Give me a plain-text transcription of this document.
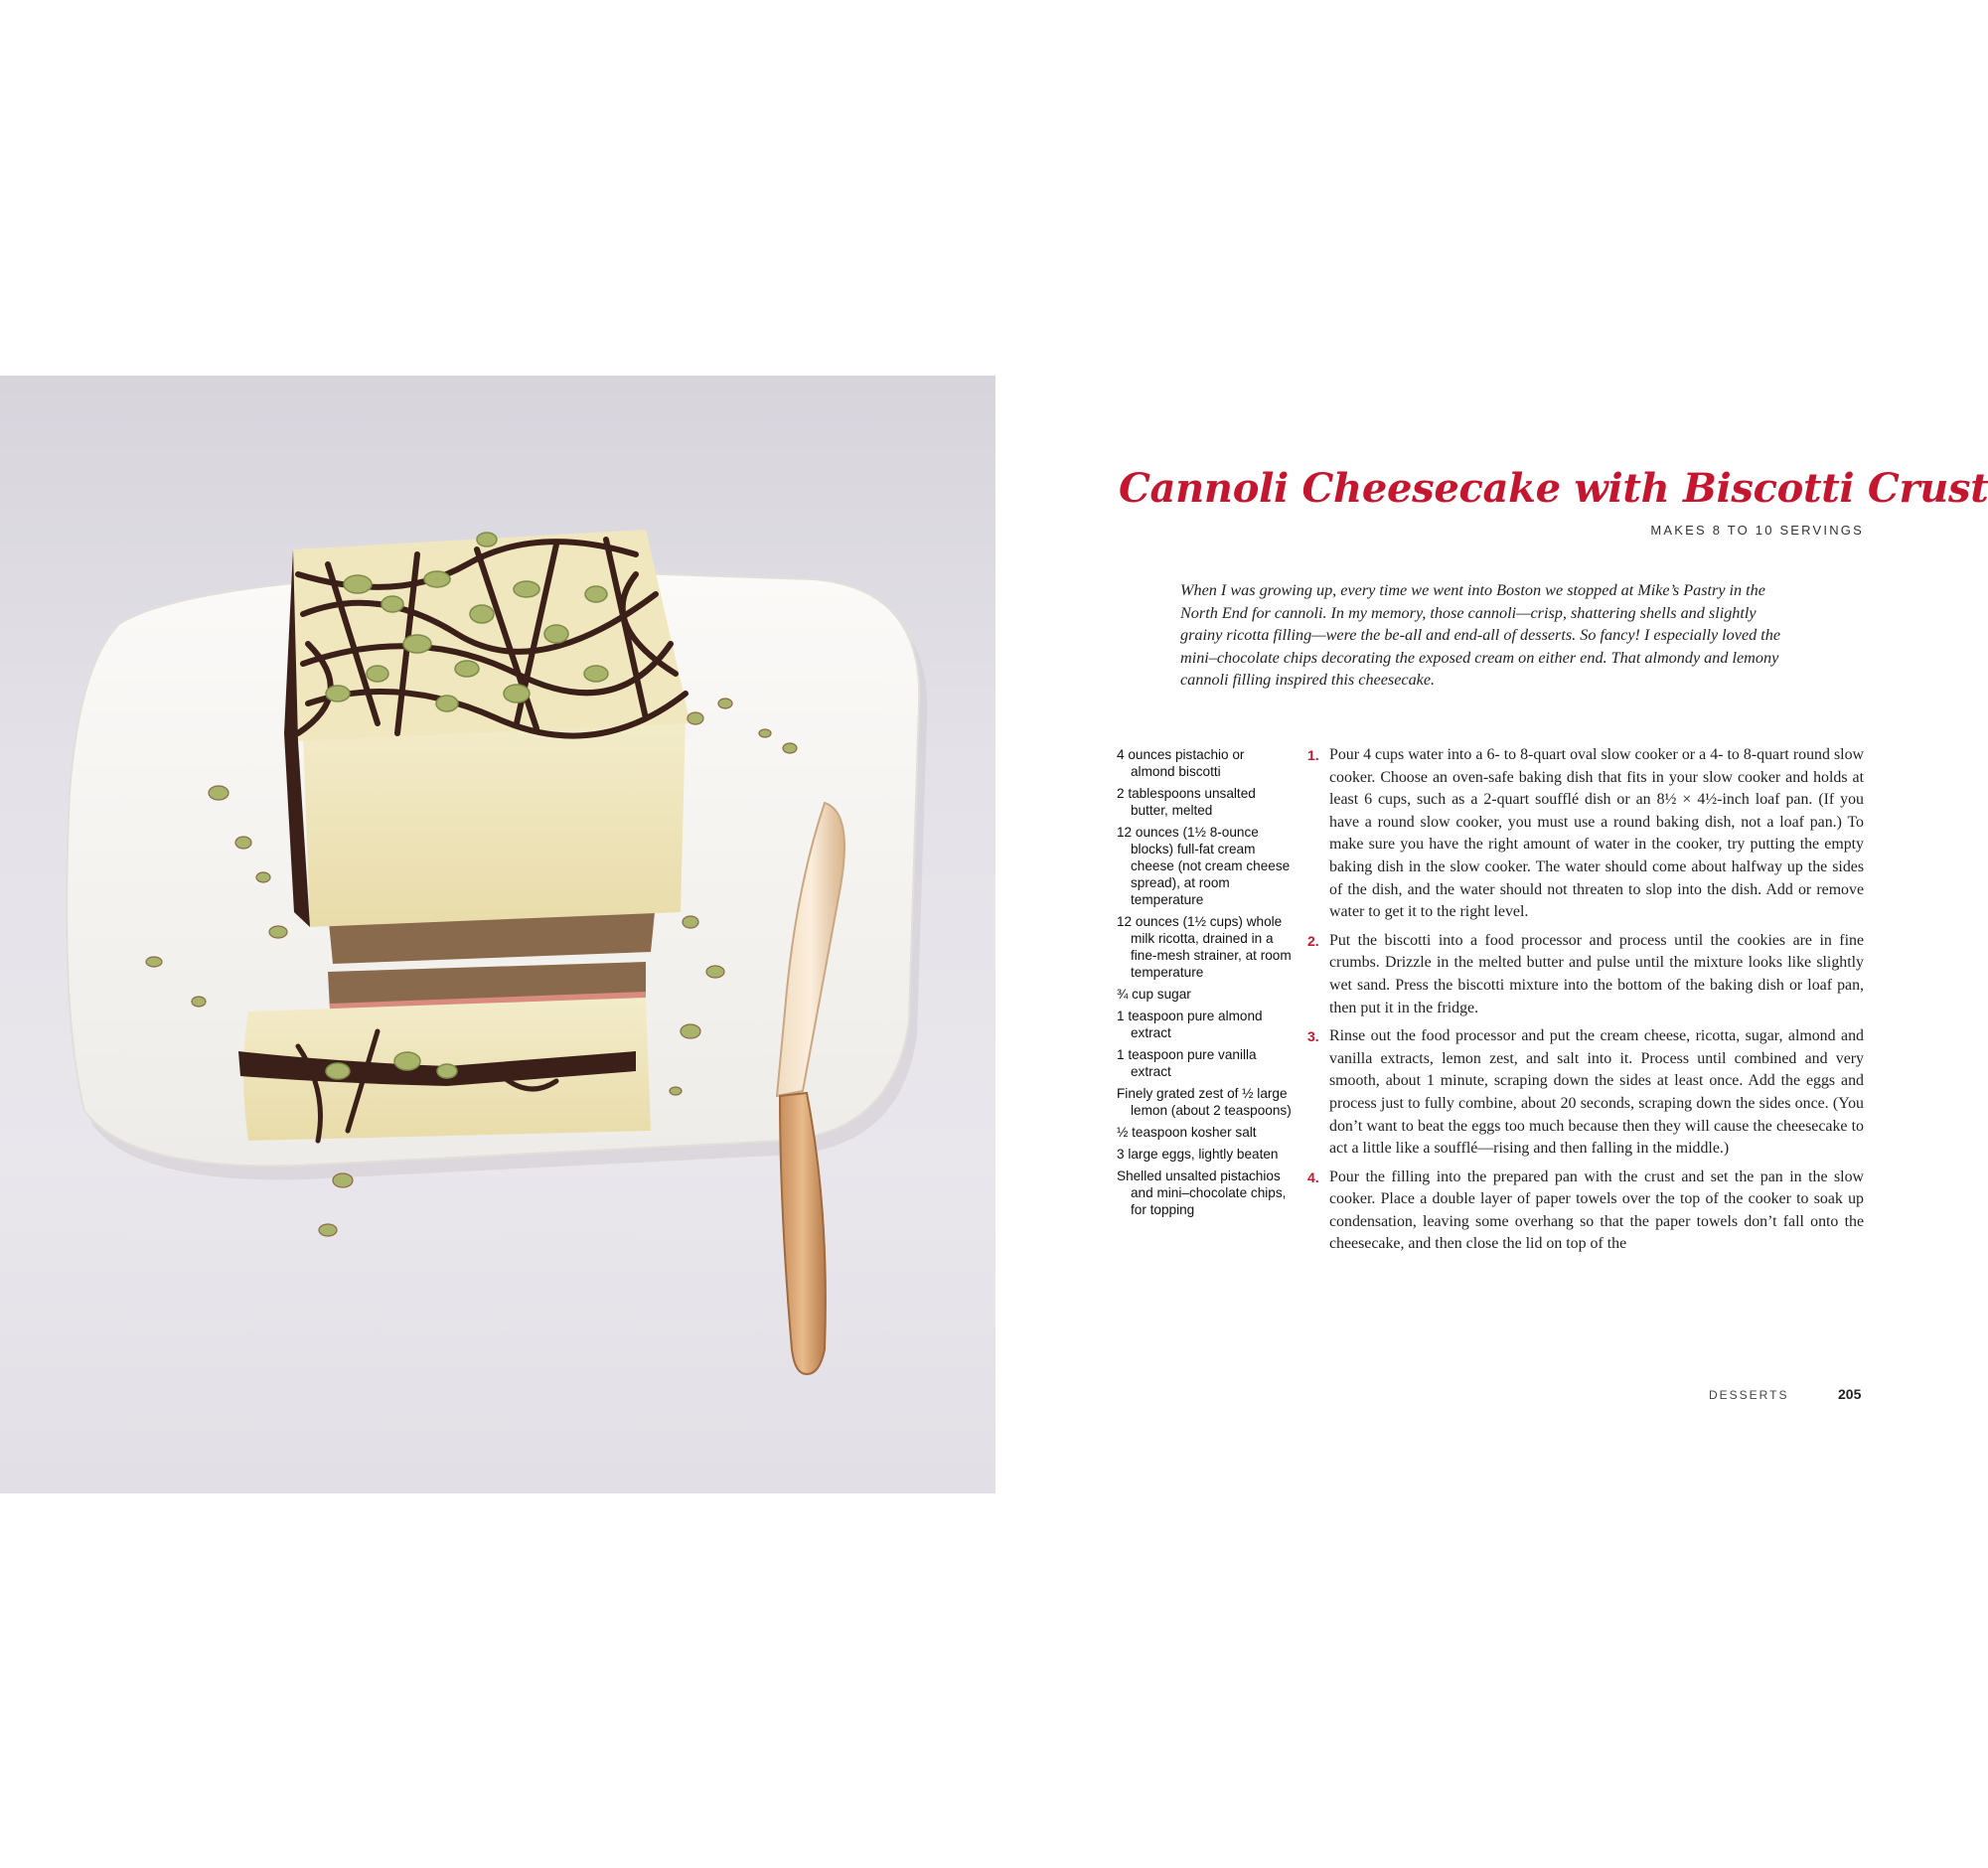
Cannoli Cheesecake with Biscotti Crust
MAKES 8 TO 10 SERVINGS

When I was growing up, every time we went into Boston we stopped at Mike’s Pastry in the North End for cannoli. In my memory, those cannoli—crisp, shattering shells and slightly grainy ricotta filling—were the be-all and end-all of desserts. So fancy! I especially loved the mini–chocolate chips decorating the exposed cream on either end. That almondy and lemony cannoli filling inspired this cheesecake.

4 ounces pistachio or almond biscotti
2 tablespoons unsalted butter, melted
12 ounces (1½ 8-ounce blocks) full-fat cream cheese (not cream cheese spread), at room temperature
12 ounces (1½ cups) whole milk ricotta, drained in a fine-mesh strainer, at room temperature
¾ cup sugar
1 teaspoon pure almond extract
1 teaspoon pure vanilla extract
Finely grated zest of ½ large lemon (about 2 teaspoons)
½ teaspoon kosher salt
3 large eggs, lightly beaten
Shelled unsalted pistachios and mini–chocolate chips, for topping
1. Pour 4 cups water into a 6- to 8-quart oval slow cooker or a 4- to 8-quart round slow cooker. Choose an oven-safe baking dish that fits in your slow cooker and holds at least 6 cups, such as a 2-quart soufflé dish or an 8½ × 4½-inch loaf pan. (If you have a round slow cooker, you must use a round baking dish, not a loaf pan.) To make sure you have the right amount of water in the cooker, try putting the empty baking dish in the slow cooker. The water should come about halfway up the sides of the dish, and the water should not threaten to slop into the dish. Add or remove water to get it to the right level.
2. Put the biscotti into a food processor and process until the cookies are in fine crumbs. Drizzle in the melted butter and pulse until the mixture looks like slightly wet sand. Press the biscotti mixture into the bottom of the baking dish or loaf pan, then put it in the fridge.
3. Rinse out the food processor and put the cream cheese, ricotta, sugar, almond and vanilla extracts, lemon zest, and salt into it. Process until combined and very smooth, about 1 minute, scraping down the sides at least once. Add the eggs and process just to fully combine, about 20 seconds, scraping down the sides once. (You don’t want to beat the eggs too much because then they will cause the cheesecake to act a little like a soufflé—rising and then falling in the middle.)
4. Pour the filling into the prepared pan with the crust and set the pan in the slow cooker. Place a double layer of paper towels over the top of the cooker to soak up condensation, leaving some overhang so that the paper towels don’t fall onto the cheesecake, and then close the lid on top of the
DESSERTS	205
